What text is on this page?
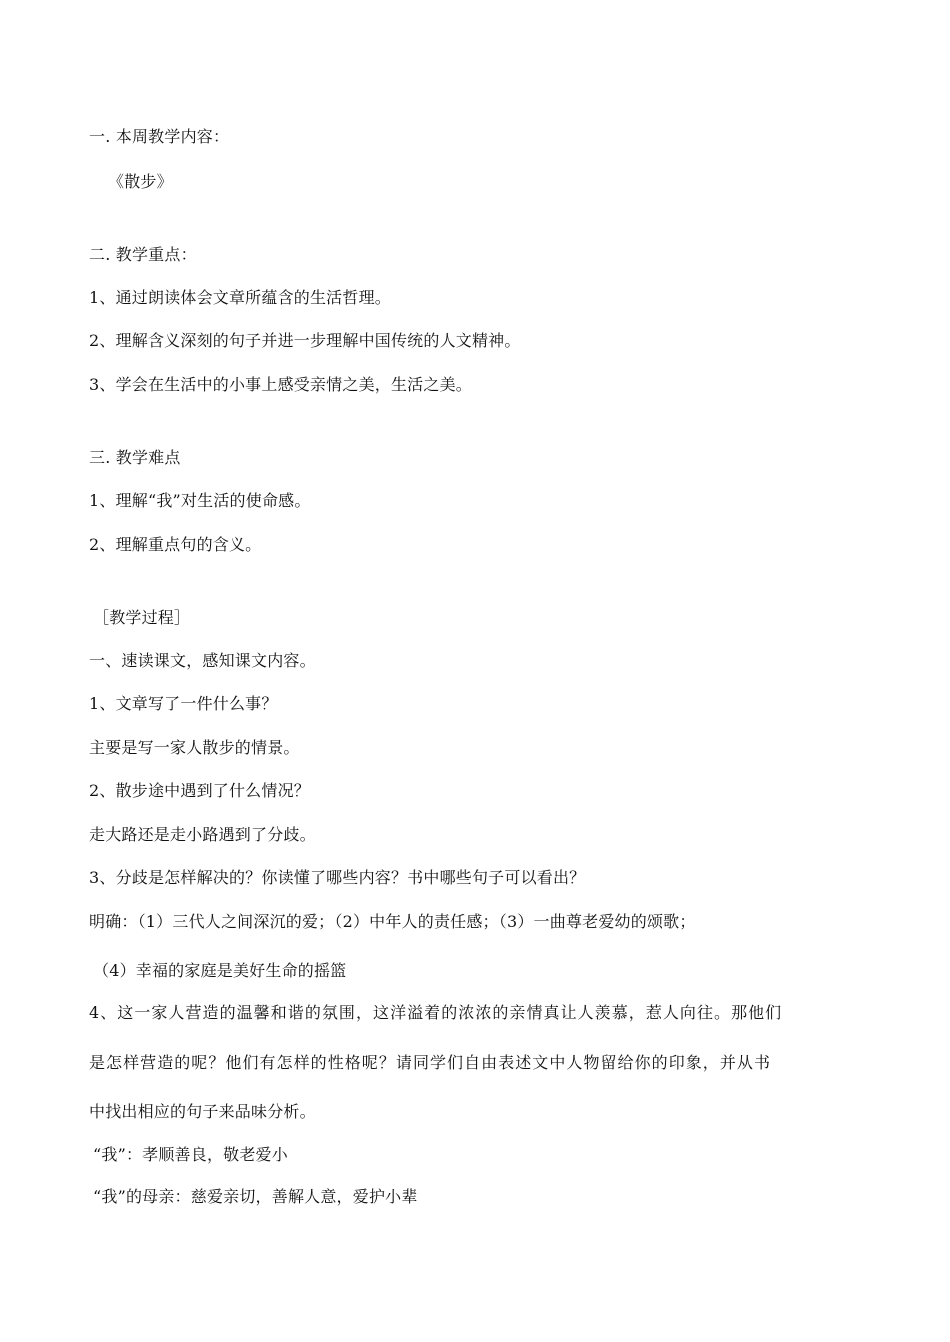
一. 本周教学内容：
《散步》
二. 教学重点：
1、通过朗读体会文章所蕴含的生活哲理。
2、理解含义深刻的句子并进一步理解中国传统的人文精神。
3、学会在生活中的小事上感受亲情之美，生活之美。
三. 教学难点
1、理解“我”对生活的使命感。
2、理解重点句的含义。
［教学过程］
一、速读课文，感知课文内容。
1、文章写了一件什么事？
主要是写一家人散步的情景。
2、散步途中遇到了什么情况？
走大路还是走小路遇到了分歧。
3、分歧是怎样解决的？你读懂了哪些内容？书中哪些句子可以看出？
明确：（1）三代人之间深沉的爱；（2）中年人的责任感；（3）一曲尊老爱幼的颂歌；
（4）幸福的家庭是美好生命的摇篮
4、这一家人营造的温馨和谐的氛围，这洋溢着的浓浓的亲情真让人羡慕，惹人向往。那他们
是怎样营造的呢？他们有怎样的性格呢？请同学们自由表述文中人物留给你的印象，并从书
中找出相应的句子来品味分析。
“我”：孝顺善良，敬老爱小
“我”的母亲：慈爱亲切，善解人意，爱护小辈
